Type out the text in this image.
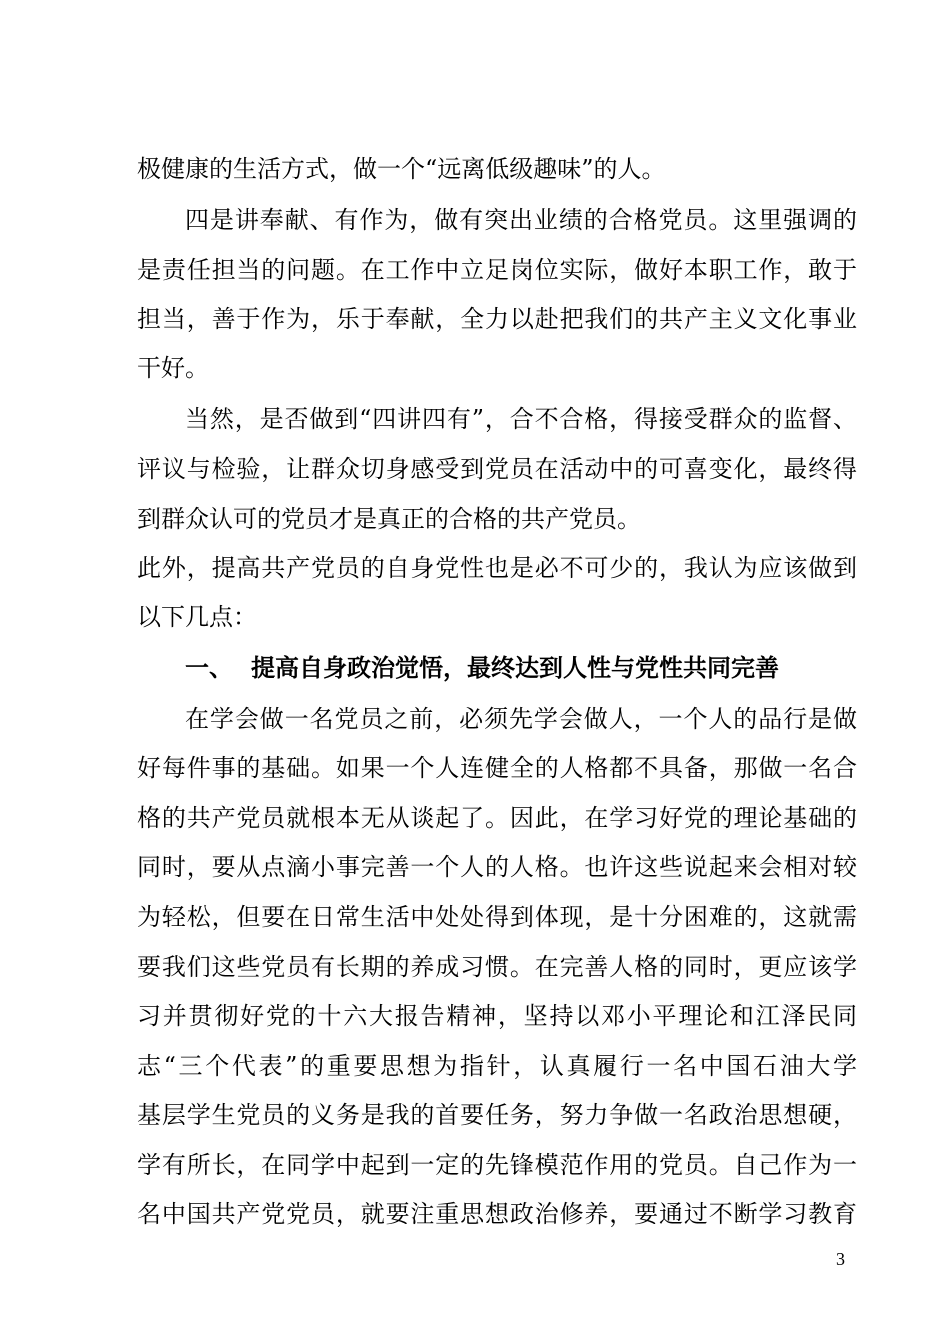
极健康的生活方式，做一个“远离低级趣味”的人。
四是讲奉献、有作为，做有突出业绩的合格党员。这里强调的
是责任担当的问题。在工作中立足岗位实际，做好本职工作，敢于
担当，善于作为，乐于奉献，全力以赴把我们的共产主义文化事业
干好。
当然，是否做到“四讲四有”，合不合格，得接受群众的监督、
评议与检验，让群众切身感受到党员在活动中的可喜变化，最终得
到群众认可的党员才是真正的合格的共产党员。
此外，提高共产党员的自身党性也是必不可少的，我认为应该做到
以下几点：
一、 提高自身政治觉悟，最终达到人性与党性共同完善
在学会做一名党员之前，必须先学会做人，一个人的品行是做
好每件事的基础。如果一个人连健全的人格都不具备，那做一名合
格的共产党员就根本无从谈起了。因此，在学习好党的理论基础的
同时，要从点滴小事完善一个人的人格。也许这些说起来会相对较
为轻松，但要在日常生活中处处得到体现，是十分困难的，这就需
要我们这些党员有长期的养成习惯。在完善人格的同时，更应该学
习并贯彻好党的十六大报告精神，坚持以邓小平理论和江泽民同
志“三个代表”的重要思想为指针，认真履行一名中国石油大学
基层学生党员的义务是我的首要任务，努力争做一名政治思想硬，
学有所长，在同学中起到一定的先锋模范作用的党员。自己作为一
名中国共产党党员，就要注重思想政治修养，要通过不断学习教育
3
